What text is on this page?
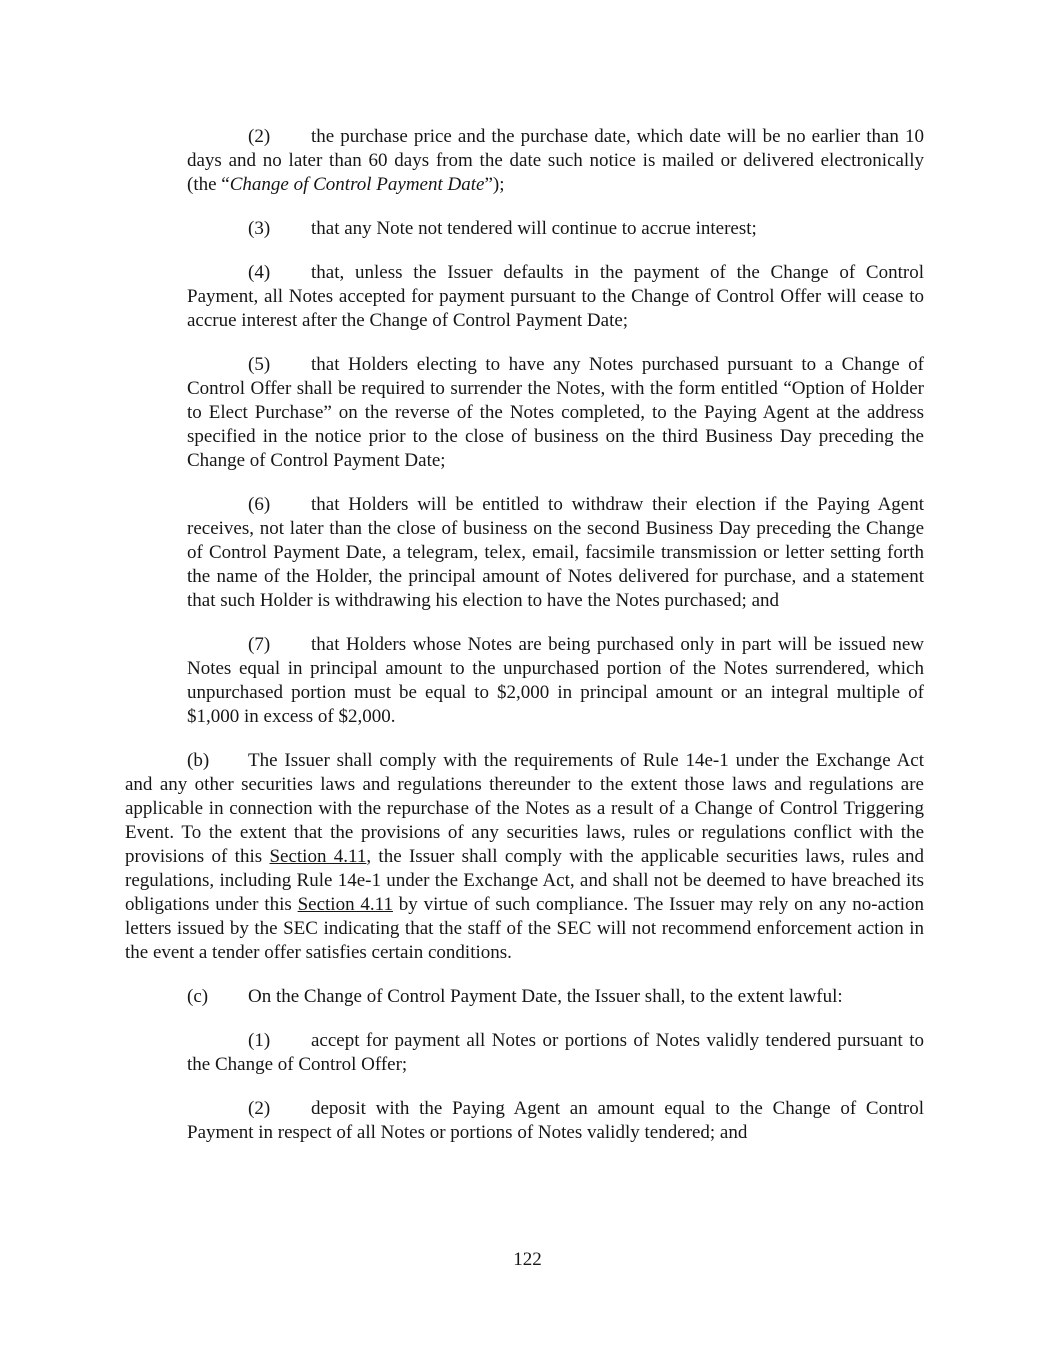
(2) the purchase price and the purchase date, which date will be no earlier than 10 days and no later than 60 days from the date such notice is mailed or delivered electronically (the “Change of Control Payment Date”);

(3) that any Note not tendered will continue to accrue interest;

(4) that, unless the Issuer defaults in the payment of the Change of Control Payment, all Notes accepted for payment pursuant to the Change of Control Offer will cease to accrue interest after the Change of Control Payment Date;

(5) that Holders electing to have any Notes purchased pursuant to a Change of Control Offer shall be required to surrender the Notes, with the form entitled “Option of Holder to Elect Purchase” on the reverse of the Notes completed, to the Paying Agent at the address specified in the notice prior to the close of business on the third Business Day preceding the Change of Control Payment Date;

(6) that Holders will be entitled to withdraw their election if the Paying Agent receives, not later than the close of business on the second Business Day preceding the Change of Control Payment Date, a telegram, telex, email, facsimile transmission or letter setting forth the name of the Holder, the principal amount of Notes delivered for purchase, and a statement that such Holder is withdrawing his election to have the Notes purchased; and

(7) that Holders whose Notes are being purchased only in part will be issued new Notes equal in principal amount to the unpurchased portion of the Notes surrendered, which unpurchased portion must be equal to $2,000 in principal amount or an integral multiple of $1,000 in excess of $2,000.

(b) The Issuer shall comply with the requirements of Rule 14e-1 under the Exchange Act and any other securities laws and regulations thereunder to the extent those laws and regulations are applicable in connection with the repurchase of the Notes as a result of a Change of Control Triggering Event. To the extent that the provisions of any securities laws, rules or regulations conflict with the provisions of this Section 4.11, the Issuer shall comply with the applicable securities laws, rules and regulations, including Rule 14e-1 under the Exchange Act, and shall not be deemed to have breached its obligations under this Section 4.11 by virtue of such compliance. The Issuer may rely on any no-action letters issued by the SEC indicating that the staff of the SEC will not recommend enforcement action in the event a tender offer satisfies certain conditions.

(c) On the Change of Control Payment Date, the Issuer shall, to the extent lawful:

(1) accept for payment all Notes or portions of Notes validly tendered pursuant to the Change of Control Offer;

(2) deposit with the Paying Agent an amount equal to the Change of Control Payment in respect of all Notes or portions of Notes validly tendered; and

122
